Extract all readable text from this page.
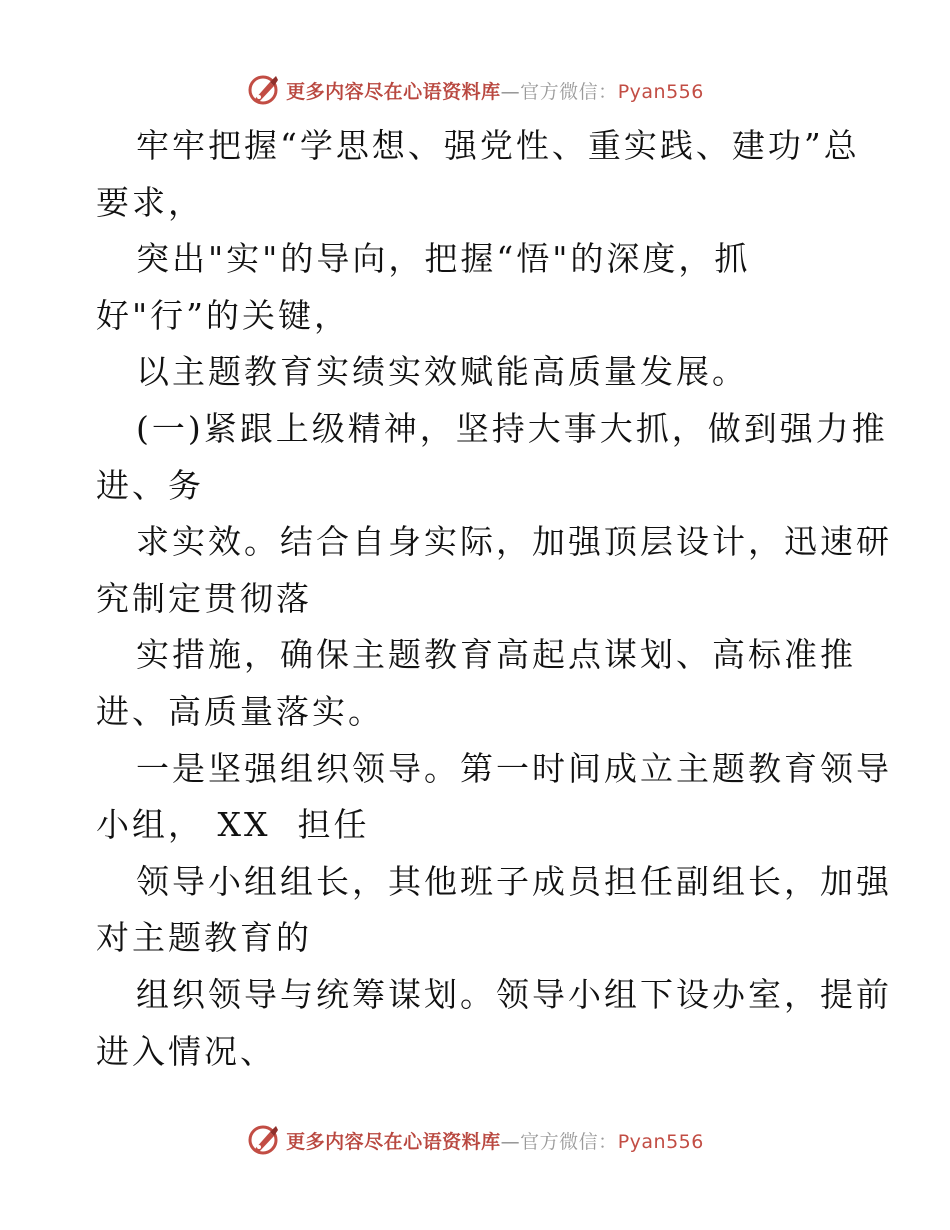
更多内容尽在心语资料库—官方微信：Pyan556
牢牢把握“学思想、强党性、重实践、建功”总
要求，
突出"实"的导向，把握“悟"的深度，抓
好"行”的关键，
以主题教育实绩实效赋能高质量发展。
(一)紧跟上级精神，坚持大事大抓，做到强力推
进、务
求实效。结合自身实际，加强顶层设计，迅速研
究制定贯彻落
实措施，确保主题教育高起点谋划、高标准推
进、高质量落实。
一是坚强组织领导。第一时间成立主题教育领导
小组， XX  担任
领导小组组长，其他班子成员担任副组长，加强
对主题教育的
组织领导与统筹谋划。领导小组下设办室，提前
进入情况、
更多内容尽在心语资料库—官方微信：Pyan556
